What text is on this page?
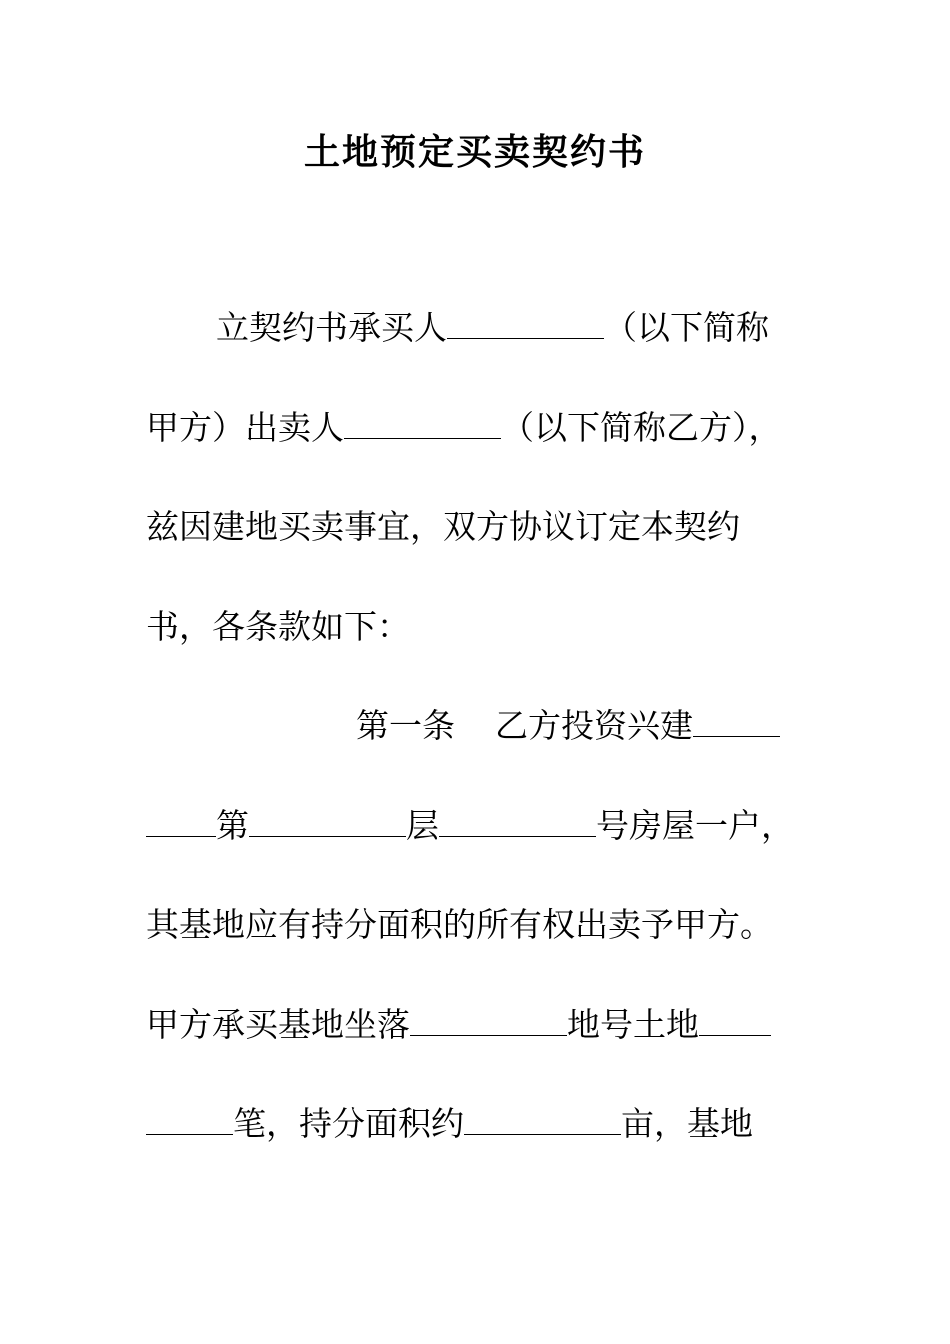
土地预定买卖契约书
立契约书承买人	（以下简称
甲方）出卖人	（以下简称乙方），
兹因建地买卖事宜，双方协议订定本契约
书，各条款如下：
第一条 乙方投资兴建
第	层	号房屋一户，
其基地应有持分面积的所有权出卖予甲方。
甲方承买基地坐落	地号土地
笔，持分面积约	亩，基地
